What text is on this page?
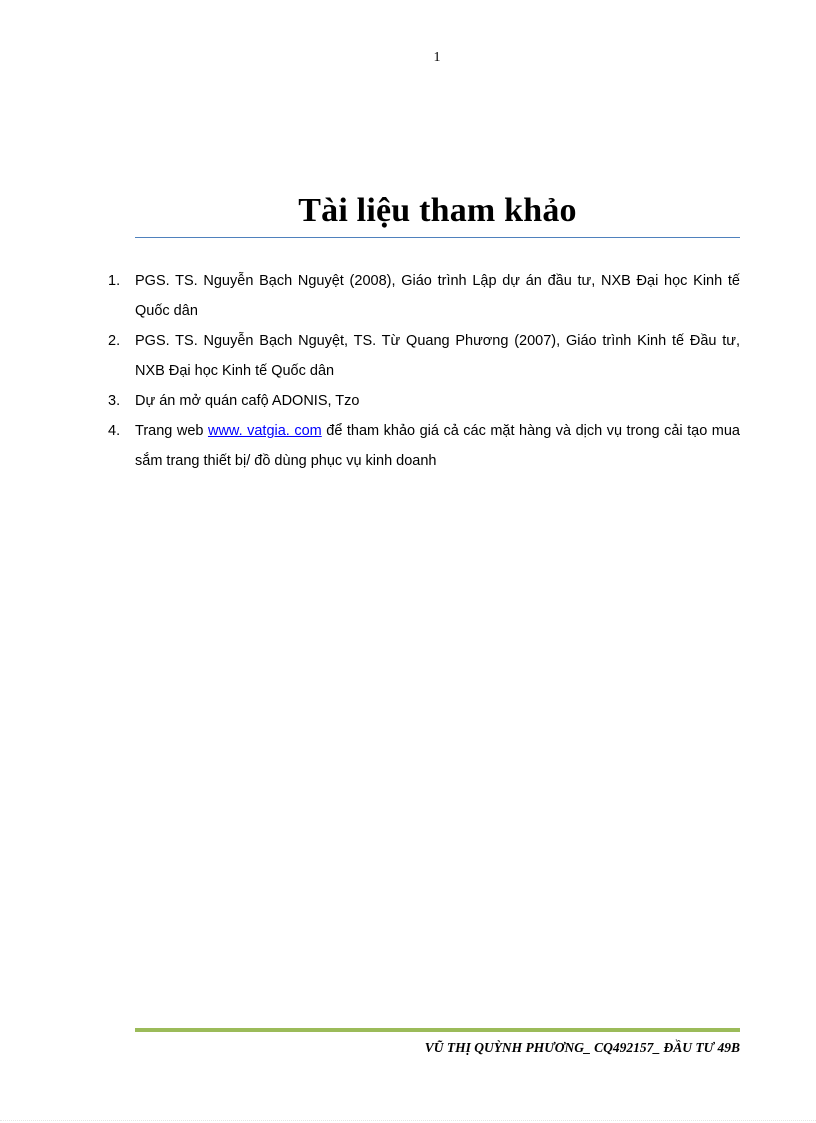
1
Tài liệu tham khảo
1.	PGS. TS. Nguyễn Bạch Nguyệt (2008), Giáo trình Lập dự án đầu tư, NXB Đại học Kinh tế Quốc dân
2.	PGS. TS. Nguyễn Bạch Nguyệt, TS. Từ Quang Phương (2007), Giáo trình Kinh tế Đầu tư, NXB Đại học Kinh tế Quốc dân
3.	Dự án mở quán cafộ ADONIS, Tzo
4.	Trang web www. vatgia. com để tham khảo giá cả các mặt hàng và dịch vụ trong cải tạo mua sắm trang thiết bị/ đồ dùng phục vụ kinh doanh
VŨ THỊ QUỲNH PHƯƠNG_ CQ492157_ ĐẦU TƯ 49B
